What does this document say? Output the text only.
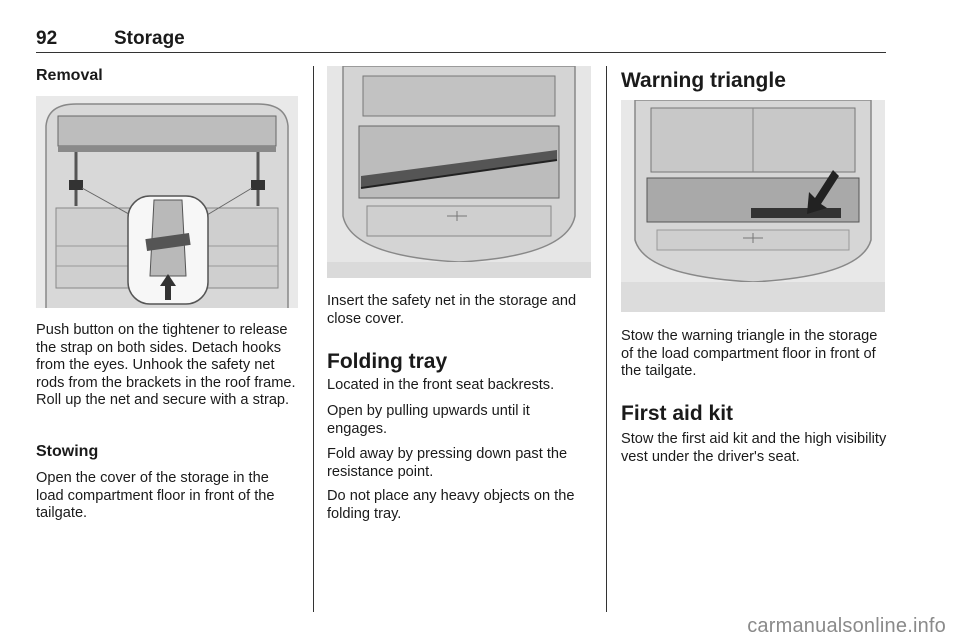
92	Storage
Removal

Push button on the tightener to release the strap on both sides. Detach hooks from the eyes. Unhook the safety net rods from the brackets in the roof frame. Roll up the net and secure with a strap.

Stowing

Open the cover of the storage in the load compartment floor in front of the tailgate.

Insert the safety net in the storage and close cover.

Folding tray

Located in the front seat backrests.

Open by pulling upwards until it engages.

Fold away by pressing down past the resistance point.

Do not place any heavy objects on the folding tray.

Warning triangle

Stow the warning triangle in the storage of the load compartment floor in front of the tailgate.

First aid kit

Stow the first aid kit and the high visibility vest under the driver's seat.

carmanualsonline.info
